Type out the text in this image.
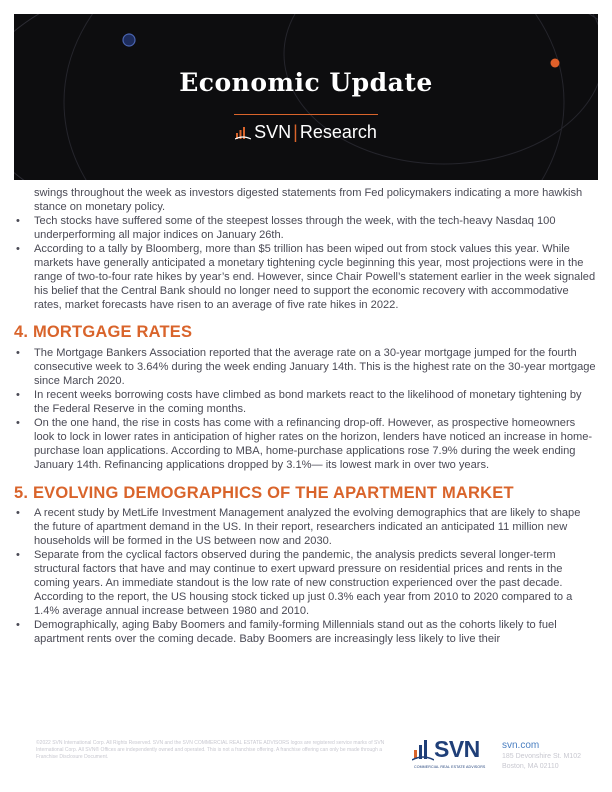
Economic Update
SVN | Research

swings throughout the week as investors digested statements from Fed policymakers indicating a more hawkish stance on monetary policy.

• Tech stocks have suffered some of the steepest losses through the week, with the tech-heavy Nasdaq 100 underperforming all major indices on January 26th.
• According to a tally by Bloomberg, more than $5 trillion has been wiped out from stock values this year. While markets have generally anticipated a monetary tightening cycle beginning this year, most projections were in the range of two-to-four rate hikes by year’s end. However, since Chair Powell’s statement earlier in the week signaled his belief that the Central Bank should no longer need to support the economic recovery with accommodative rates, market forecasts have risen to an average of five rate hikes in 2022.
4. MORTGAGE RATES
• The Mortgage Bankers Association reported that the average rate on a 30-year mortgage jumped for the fourth consecutive week to 3.64% during the week ending January 14th. This is the highest rate on the 30-year mortgage since March 2020.
• In recent weeks borrowing costs have climbed as bond markets react to the likelihood of monetary tightening by the Federal Reserve in the coming months.
• On the one hand, the rise in costs has come with a refinancing drop-off. However, as prospective homeowners look to lock in lower rates in anticipation of higher rates on the horizon, lenders have noticed an increase in home-purchase loan applications. According to MBA, home-purchase applications rose 7.9% during the week ending January 14th. Refinancing applications dropped by 3.1%— its lowest mark in over two years.
5. EVOLVING DEMOGRAPHICS OF THE APARTMENT MARKET
• A recent study by MetLife Investment Management analyzed the evolving demographics that are likely to shape the future of apartment demand in the US. In their report, researchers indicated an anticipated 11 million new households will be formed in the US between now and 2030.
• Separate from the cyclical factors observed during the pandemic, the analysis predicts several longer-term structural factors that have and may continue to exert upward pressure on residential prices and rents in the coming years. An immediate standout is the low rate of new construction experienced over the past decade. According to the report, the US housing stock ticked up just 0.3% each year from 2010 to 2020 compared to a 1.4% average annual increase between 1980 and 2010.
• Demographically, aging Baby Boomers and family-forming Millennials stand out as the cohorts likely to fuel apartment rents over the coming decade. Baby Boomers are increasingly less likely to live their
©2022 SVN International Corp. All Rights Reserved. SVN and the SVN COMMERCIAL REAL ESTATE ADVISORS logos are registered service marks of SVN International Corp. All SVN® Offices are independently owned and operated. This is not a franchise offering. A franchise offering can only be made through a Franchise Disclosure Document.	SVN
COMMERCIAL REAL ESTATE ADVISORS
svn.com
185 Devonshire St. M102
Boston, MA 02110
